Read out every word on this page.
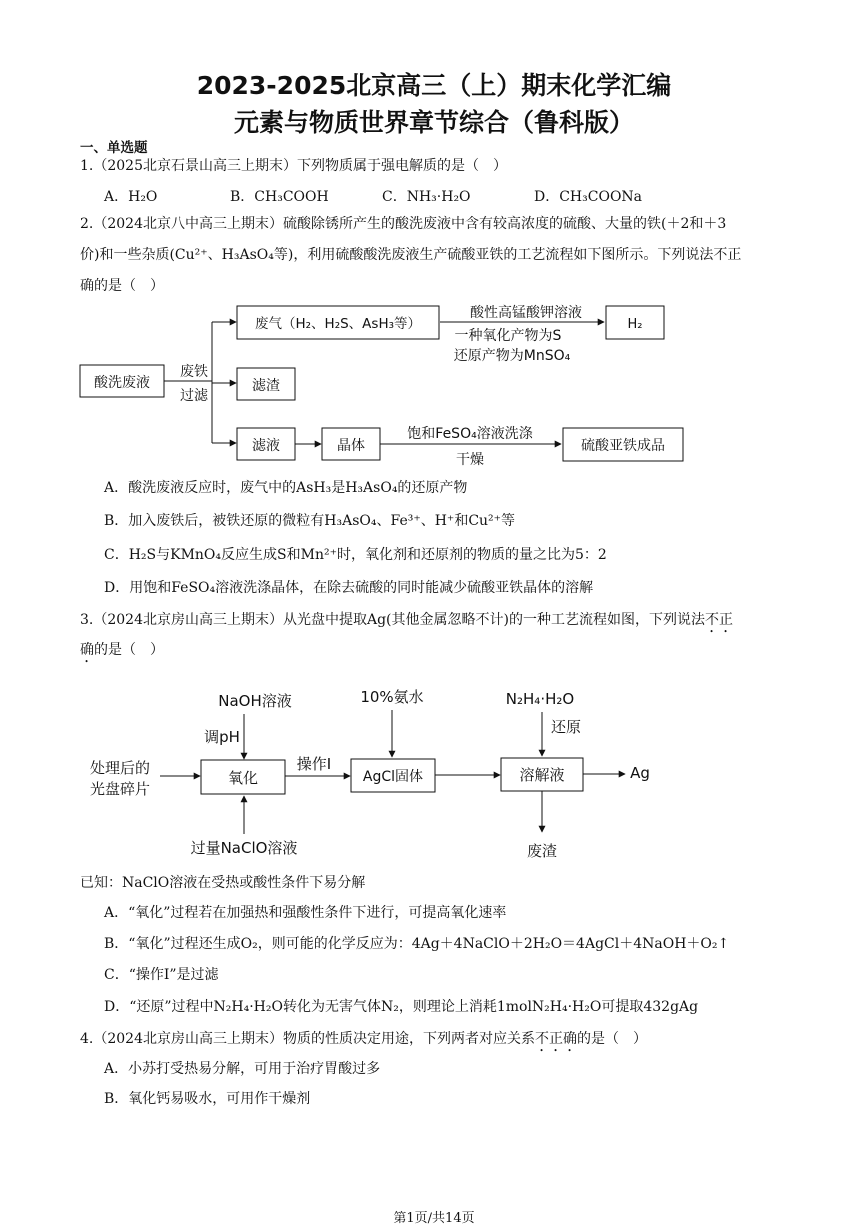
2023-2025北京高三（上）期末化学汇编
元素与物质世界章节综合（鲁科版）
一、单选题
1.（2025北京石景山高三上期末）下列物质属于强电解质的是（　）
A．H₂O	B．CH₃COOH	C．NH₃·H₂O	D．CH₃COONa
2.（2024北京八中高三上期末）硫酸除锈所产生的酸洗废液中含有较高浓度的硫酸、大量的铁(＋2和＋3
价)和一些杂质(Cu²⁺、H₃AsO₄等)，利用硫酸酸洗废液生产硫酸亚铁的工艺流程如下图所示。下列说法不正
确的是（　）
酸洗废液
废铁
过滤
废气（H₂、H₂S、AsH₃等）
酸性高锰酸钾溶液
一种氧化产物为S
还原产物为MnSO₄
H₂
滤渣
滤液	晶体
饱和FeSO₄溶液洗涤
干燥
硫酸亚铁成品
A．酸洗废液反应时，废气中的AsH₃是H₃AsO₄的还原产物
B．加入废铁后，被铁还原的微粒有H₃AsO₄、Fe³⁺、H⁺和Cu²⁺等
C．H₂S与KMnO₄反应生成S和Mn²⁺时，氧化剂和还原剂的物质的量之比为5：2
D．用饱和FeSO₄溶液洗涤晶体，在除去硫酸的同时能减少硫酸亚铁晶体的溶解
3.（2024北京房山高三上期末）从光盘中提取Ag(其他金属忽略不计)的一种工艺流程如图，下列说法不正
确的是（　）
NaOH溶液
调pH
处理后的
光盘碎片
氧化
过量NaClO溶液
操作I
10%氨水
AgCl固体
N₂H₄·H₂O
还原
溶解液	Ag
废渣
已知：NaClO溶液在受热或酸性条件下易分解
A．“氧化”过程若在加强热和强酸性条件下进行，可提高氧化速率
B．“氧化”过程还生成O₂，则可能的化学反应为：4Ag＋4NaClO＋2H₂O＝4AgCl＋4NaOH＋O₂↑
C．“操作I”是过滤
D．“还原”过程中N₂H₄·H₂O转化为无害气体N₂，则理论上消耗1molN₂H₄·H₂O可提取432gAg
4.（2024北京房山高三上期末）物质的性质决定用途，下列两者对应关系不正确的是（　）
A．小苏打受热易分解，可用于治疗胃酸过多
B．氧化钙易吸水，可用作干燥剂
第1页/共14页
